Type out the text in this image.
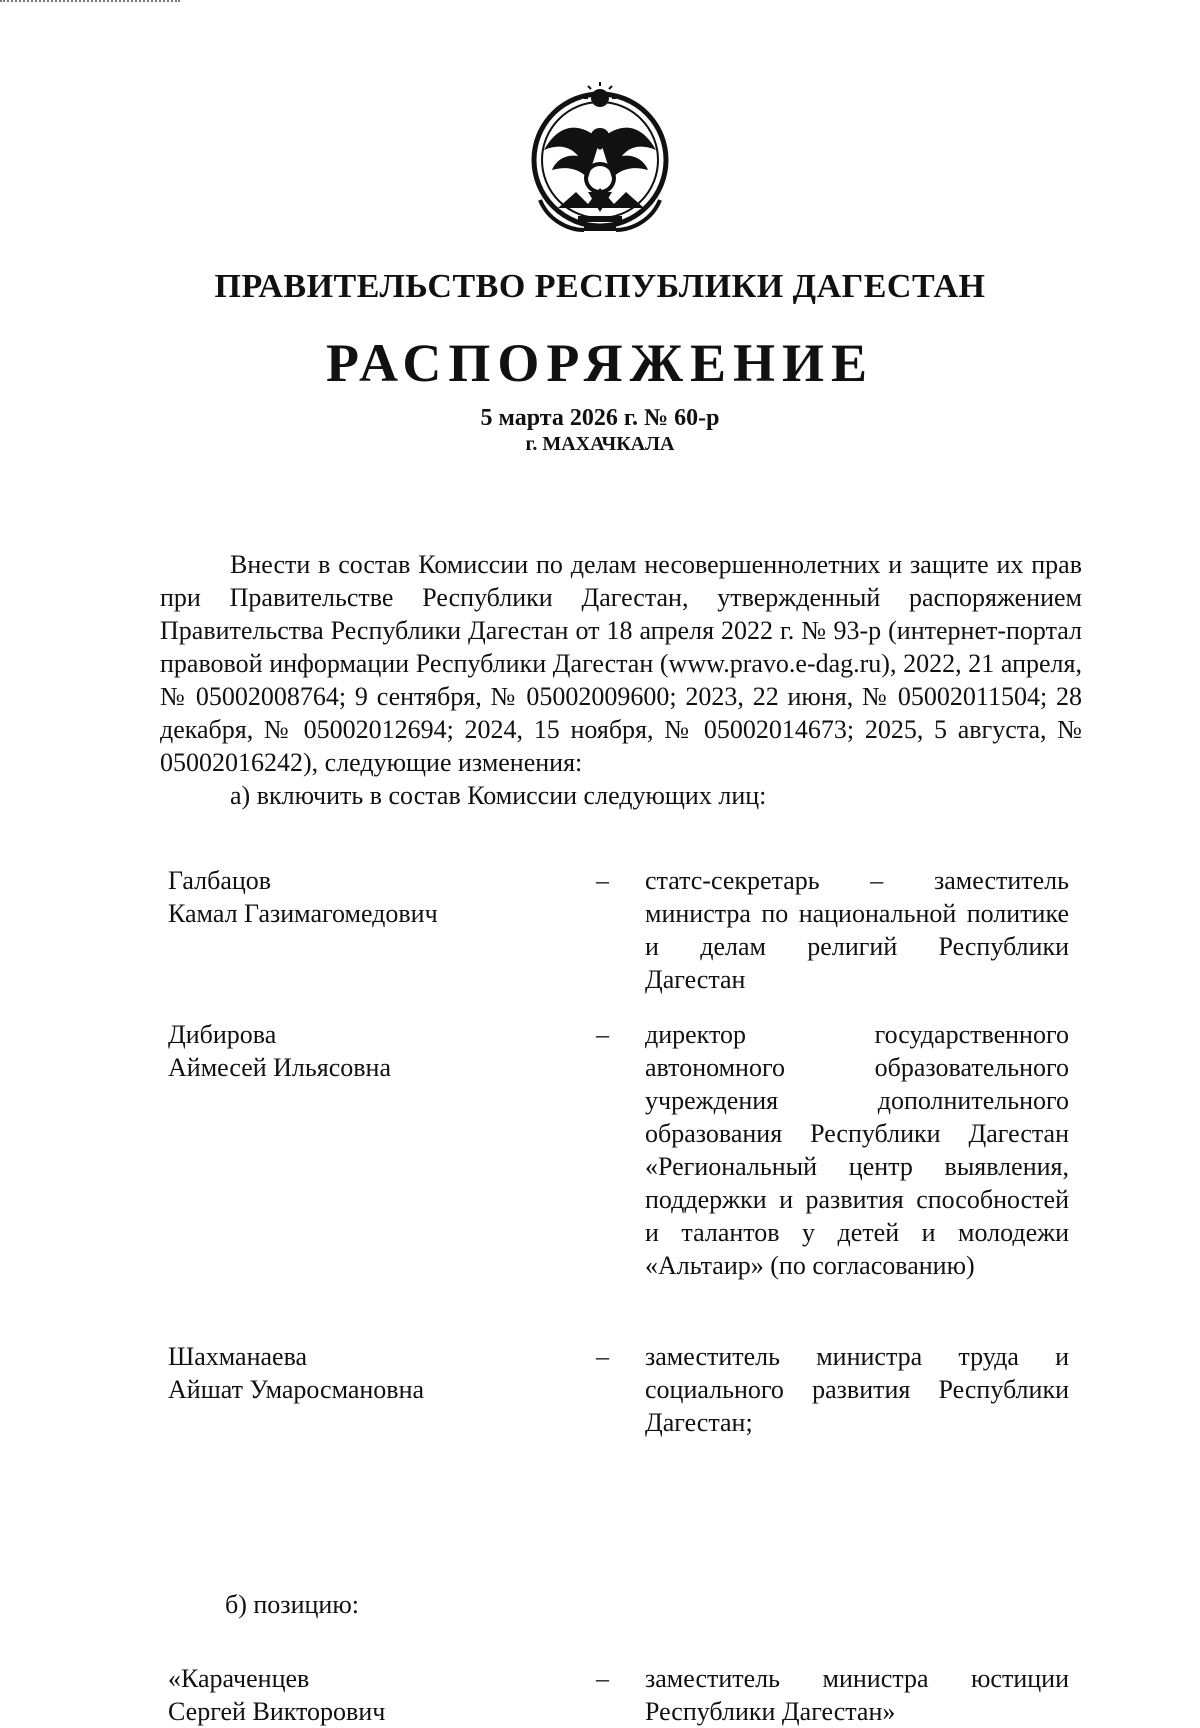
ПРАВИТЕЛЬСТВО РЕСПУБЛИКИ ДАГЕСТАН
РАСПОРЯЖЕНИЕ
5 марта 2026 г. № 60-р
г. МАХАЧКАЛА

Внести в состав Комиссии по делам несовершеннолетних и защите их прав при Правительстве Республики Дагестан, утвержденный распоряжением Правительства Республики Дагестан от 18 апреля 2022 г. № 93-р (интернет-портал правовой информации Республики Дагестан (www.pravo.e-dag.ru), 2022, 21 апреля, № 05002008764; 9 сентября, № 05002009600; 2023, 22 июня, № 05002011504; 28 декабря, № 05002012694; 2024, 15 ноября, № 05002014673; 2025, 5 августа, № 05002016242), следующие изменения:

а) включить в состав Комиссии следующих лиц:

Галбацов
Камал Газимагомедович
– статс-секретарь – заместитель министра по национальной политике и делам религий Республики Дагестан
Дибирова
Аймесей Ильясовна
– директор государственного автономного образовательного учреждения дополнительного образования Республики Дагестан «Региональный центр выявления, поддержки и развития способностей и талантов у детей и молодежи «Альтаир» (по согласованию)
Шахманаева
Айшат Умаросмановна
– заместитель министра труда и социального развития Республики Дагестан;
б) позицию:
«Караченцев
Сергей Викторович
– заместитель министра юстиции Республики Дагестан»
